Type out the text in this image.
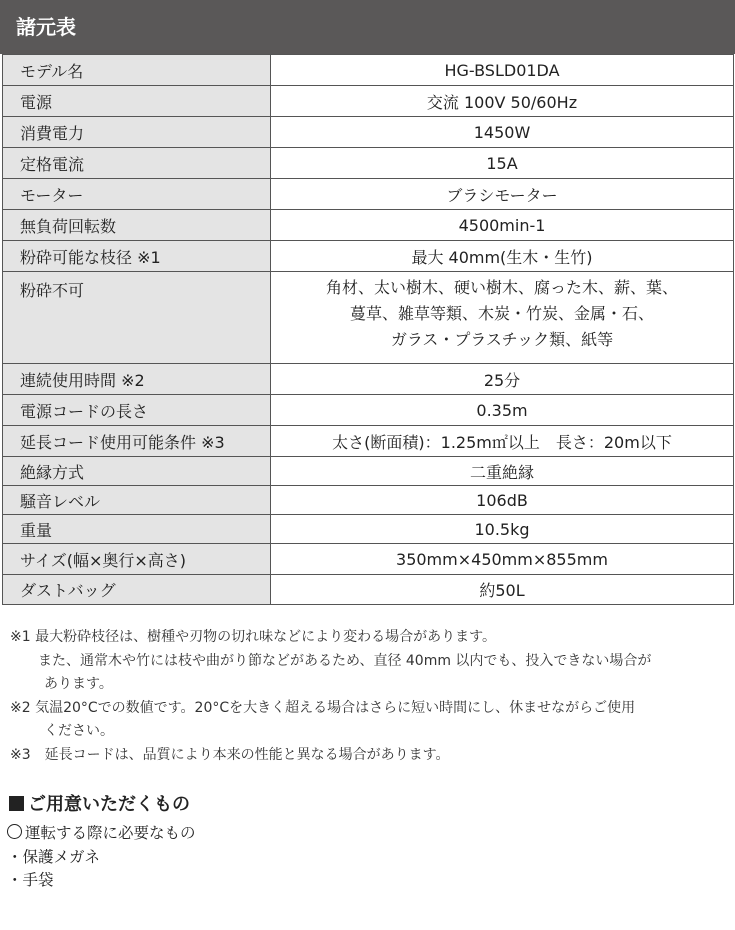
諸元表
モデル名	HG-BSLD01DA
電源	交流 100V 50/60Hz
消費電力	1450W
定格電流	15A
モーター	ブラシモーター
無負荷回転数	4500min-1
粉砕可能な枝径 ※1	最大 40mm(生木・生竹)
粉砕不可	角材、太い樹木、硬い樹木、腐った木、薪、葉、
蔓草、雑草等類、木炭・竹炭、金属・石、
ガラス・プラスチック類、紙等

連続使用時間 ※2	25分
電源コードの長さ	0.35m
延長コード使用可能条件 ※3	太さ(断面積)：1.25m㎡以上　長さ：20m以下
絶縁方式	二重絶縁
騒音レベル	106dB
重量	10.5kg
サイズ(幅×奥行×高さ)	350mm×450mm×855mm
ダストバッグ	約50L
※1 最大粉砕枝径は、樹種や刃物の切れ味などにより変わる場合があります。
また、通常木や竹には枝や曲がり節などがあるため、直径 40mm 以内でも、投入できない場合が
あります。
※2 気温20°Cでの数値です。20°Cを大きく超える場合はさらに短い時間にし、休ませながらご使用
ください。
※3　延長コードは、品質により本来の性能と異なる場合があります。
ご用意いただくもの
運転する際に必要なもの
・保護メガネ
・手袋
